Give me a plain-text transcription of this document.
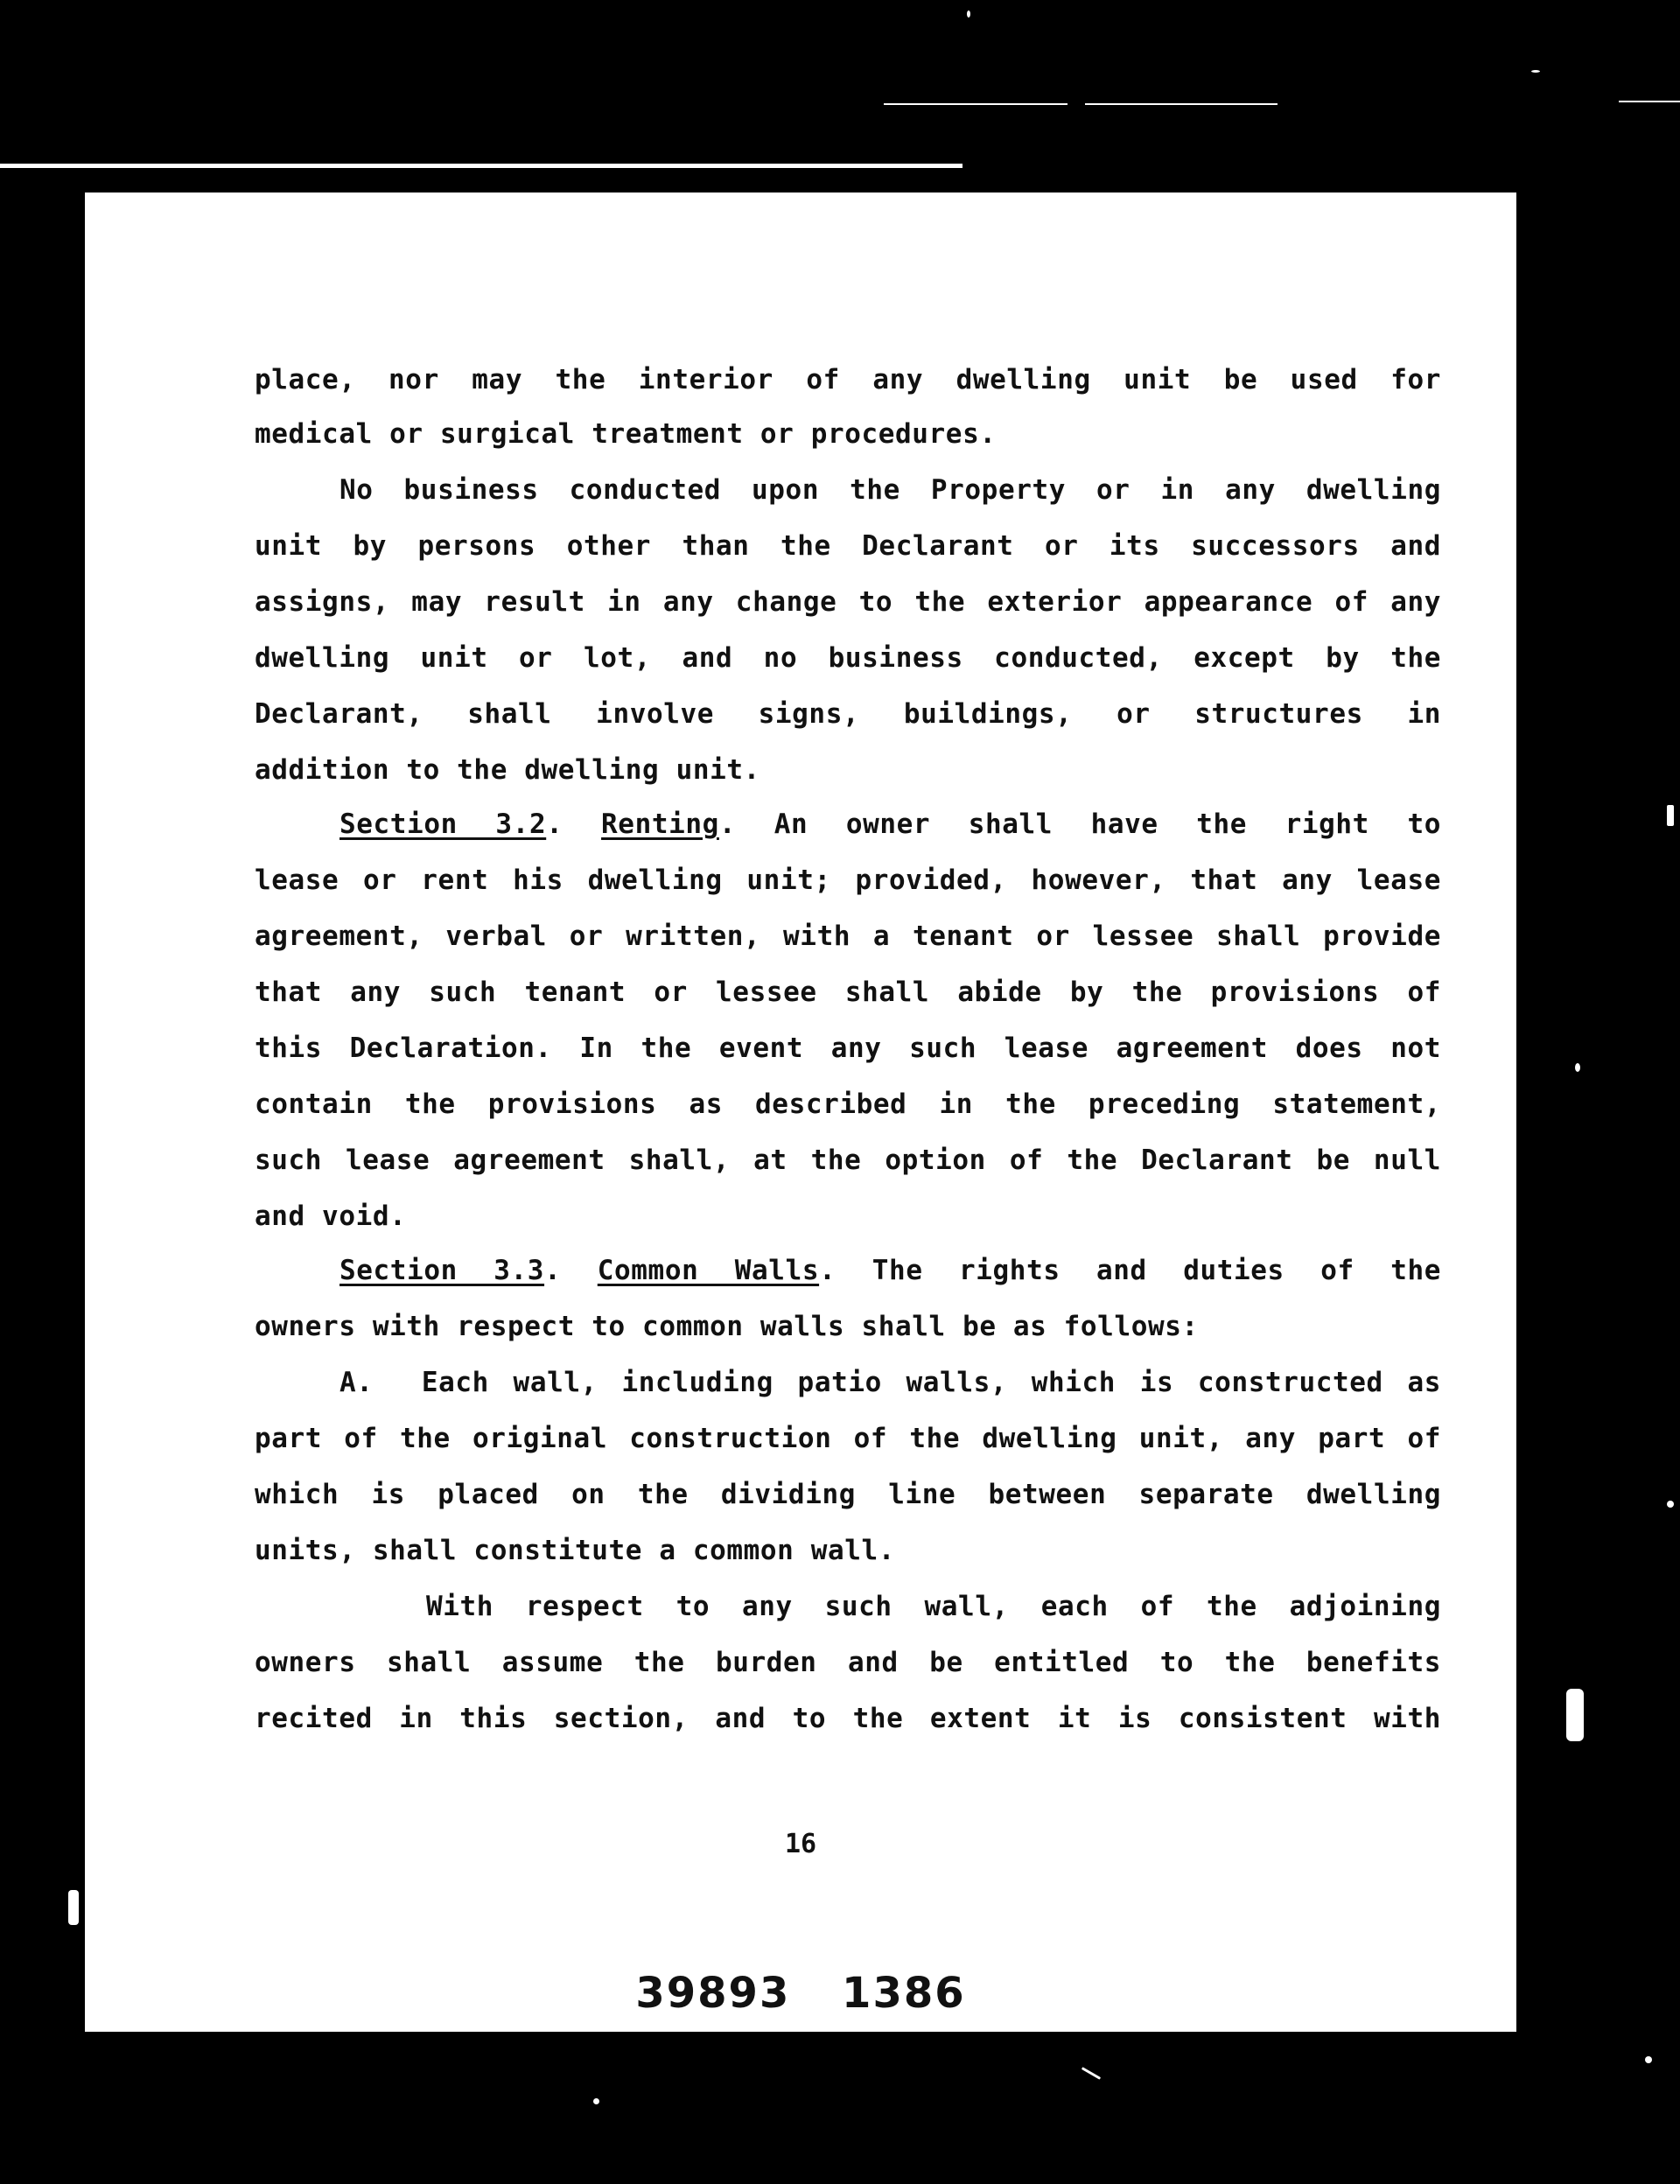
place, nor may the interior of any dwelling unit be used for

medical or surgical treatment or procedures.

No business conducted upon the Property or in any dwelling

unit by persons other than the Declarant or its successors and

assigns, may result in any change to the exterior appearance of any

dwelling unit or lot, and no business conducted, except by the

Declarant, shall involve signs, buildings, or structures in

addition to the dwelling unit.

Section 3.2. Renting. An owner shall have the right to

lease or rent his dwelling unit; provided, however, that any lease

agreement, verbal or written, with a tenant or lessee shall provide

that any such tenant or lessee shall abide by the provisions of

this Declaration. In the event any such lease agreement does not

contain the provisions as described in the preceding statement,

such lease agreement shall, at the option of the Declarant be null

and void.

Section 3.3. Common Walls. The rights and duties of the

owners with respect to common walls shall be as follows:

A. Each wall, including patio walls, which is constructed as

part of the original construction of the dwelling unit, any part of

which is placed on the dividing line between separate dwelling

units, shall constitute a common wall.

With respect to any such wall, each of the adjoining

owners shall assume the burden and be entitled to the benefits

recited in this section, and to the extent it is consistent with

16
39893 1386
